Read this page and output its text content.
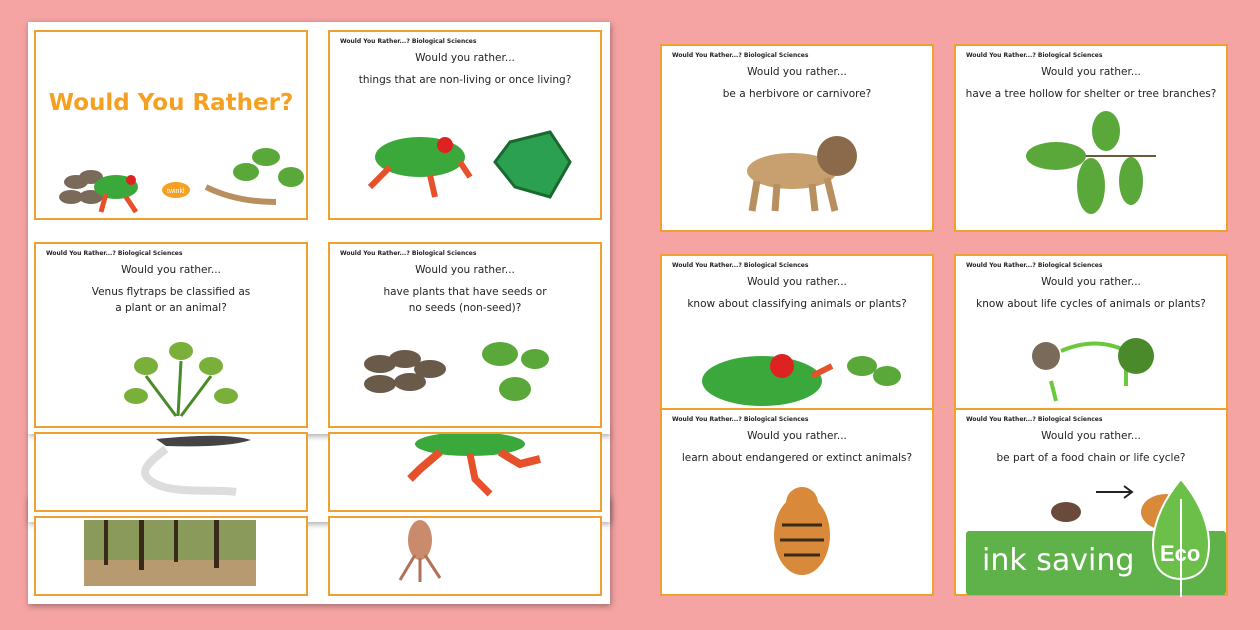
Would You Rather?
twinkl
Would You Rather...? Biological Sciences
Would you rather...
things that are non-living or once living?
Would You Rather...? Biological Sciences
Would you rather...
Venus flytraps be classified as
a plant or an animal?
Would You Rather...? Biological Sciences
Would you rather...
have plants that have seeds or
no seeds (non-seed)?
Would You Rather...? Biological Sciences
Would you rather...
be a herbivore or carnivore?
Would You Rather...? Biological Sciences
Would you rather...
have a tree hollow for shelter or tree branches?
Would You Rather...? Biological Sciences
Would you rather...
know about classifying animals or plants?
Would You Rather...? Biological Sciences
Would you rather...
know about life cycles of animals or plants?
Would You Rather...? Biological Sciences
Would you rather...
learn about endangered or extinct animals?
Would You Rather...? Biological Sciences
Would you rather...
be part of a food chain or life cycle?
ink saving Eco
